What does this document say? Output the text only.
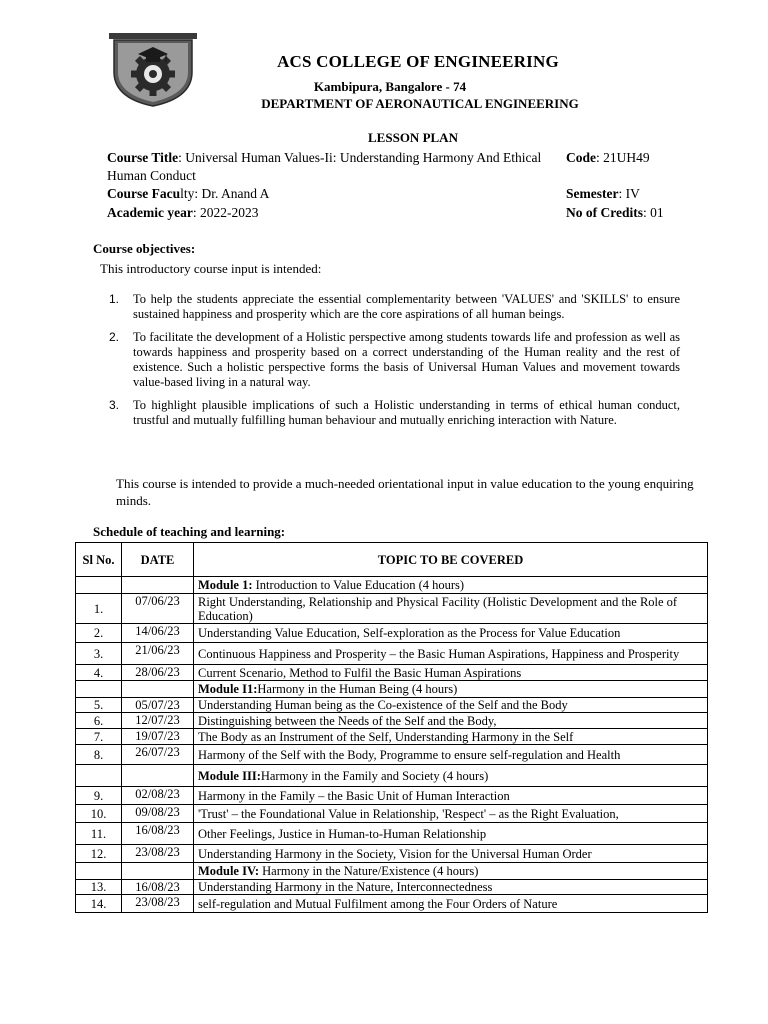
ACS COLLEGE OF ENGINEERING
Kambipura, Bangalore - 74
DEPARTMENT OF AERONAUTICAL ENGINEERING
LESSON PLAN
Course Title: Universal Human Values-Ii: Understanding Harmony And Ethical Human Conduct
Code: 21UH49
Course Faculty: Dr. Anand A	Semester: IV
Academic year: 2022-2023	No of Credits: 01
Course objectives:
This introductory course input is intended:
1. To help the students appreciate the essential complementarity between 'VALUES' and 'SKILLS' to ensure sustained happiness and prosperity which are the core aspirations of all human beings.
2. To facilitate the development of a Holistic perspective among students towards life and profession as well as towards happiness and prosperity based on a correct understanding of the Human reality and the rest of existence. Such a holistic perspective forms the basis of Universal Human Values and movement towards value-based living in a natural way.
3. To highlight plausible implications of such a Holistic understanding in terms of ethical human conduct, trustful and mutually fulfilling human behaviour and mutually enriching interaction with Nature.
This course is intended to provide a much-needed orientational input in value education to the young enquiring minds.
Schedule of teaching and learning:
Sl No.	DATE	TOPIC TO BE COVERED
		Module 1: Introduction to Value Education (4 hours)
1.	07/06/23	Right Understanding, Relationship and Physical Facility (Holistic Development and the Role of Education)
2.	14/06/23	Understanding Value Education, Self-exploration as the Process for Value Education
3.	21/06/23	Continuous Happiness and Prosperity – the Basic Human Aspirations, Happiness and Prosperity
4.	28/06/23	Current Scenario, Method to Fulfil the Basic Human Aspirations
		Module I1:Harmony in the Human Being (4 hours)
5.	05/07/23	Understanding Human being as the Co-existence of the Self and the Body
6.	12/07/23	Distinguishing between the Needs of the Self and the Body,
7.	19/07/23	The Body as an Instrument of the Self, Understanding Harmony in the Self
8.	26/07/23	Harmony of the Self with the Body, Programme to ensure self-regulation and Health
		Module III:Harmony in the Family and Society (4 hours)
9.	02/08/23	Harmony in the Family – the Basic Unit of Human Interaction
10.	09/08/23	'Trust' – the Foundational Value in Relationship, 'Respect' – as the Right Evaluation,
11.	16/08/23	Other Feelings, Justice in Human-to-Human Relationship
12.	23/08/23	Understanding Harmony in the Society, Vision for the Universal Human Order
		Module IV: Harmony in the Nature/Existence (4 hours)
13.	16/08/23	Understanding Harmony in the Nature, Interconnectedness
14.	23/08/23	self-regulation and Mutual Fulfilment among the Four Orders of Nature
